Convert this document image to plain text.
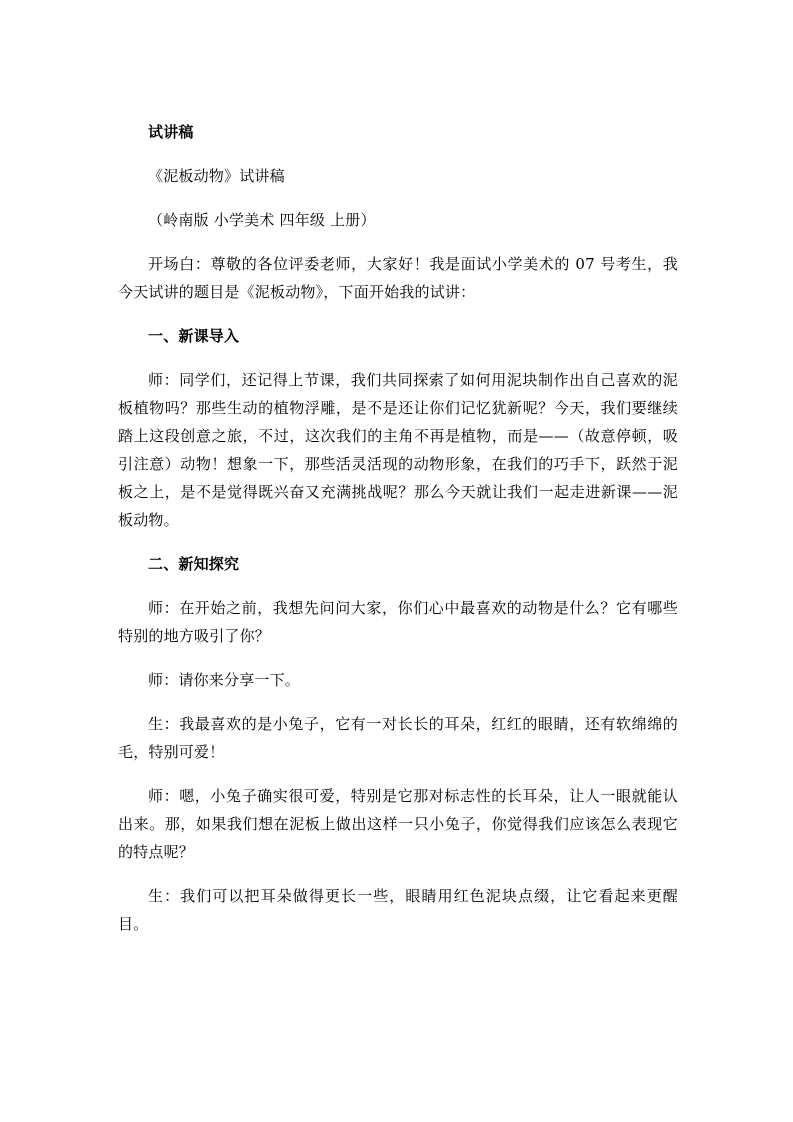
试讲稿

《泥板动物》试讲稿

（岭南版 小学美术 四年级 上册）

开场白：尊敬的各位评委老师，大家好！我是面试小学美术的 07 号考生，我今天试讲的题目是《泥板动物》，下面开始我的试讲：

一、新课导入

师：同学们，还记得上节课，我们共同探索了如何用泥块制作出自己喜欢的泥板植物吗？那些生动的植物浮雕，是不是还让你们记忆犹新呢？今天，我们要继续踏上这段创意之旅，不过，这次我们的主角不再是植物，而是——（故意停顿，吸引注意）动物！想象一下，那些活灵活现的动物形象，在我们的巧手下，跃然于泥板之上，是不是觉得既兴奋又充满挑战呢？那么今天就让我们一起走进新课——泥板动物。

二、新知探究

师：在开始之前，我想先问问大家，你们心中最喜欢的动物是什么？它有哪些特别的地方吸引了你？

师：请你来分享一下。

生：我最喜欢的是小兔子，它有一对长长的耳朵，红红的眼睛，还有软绵绵的毛，特别可爱！

师：嗯，小兔子确实很可爱，特别是它那对标志性的长耳朵，让人一眼就能认出来。那，如果我们想在泥板上做出这样一只小兔子，你觉得我们应该怎么表现它的特点呢？

生：我们可以把耳朵做得更长一些，眼睛用红色泥块点缀，让它看起来更醒目。
